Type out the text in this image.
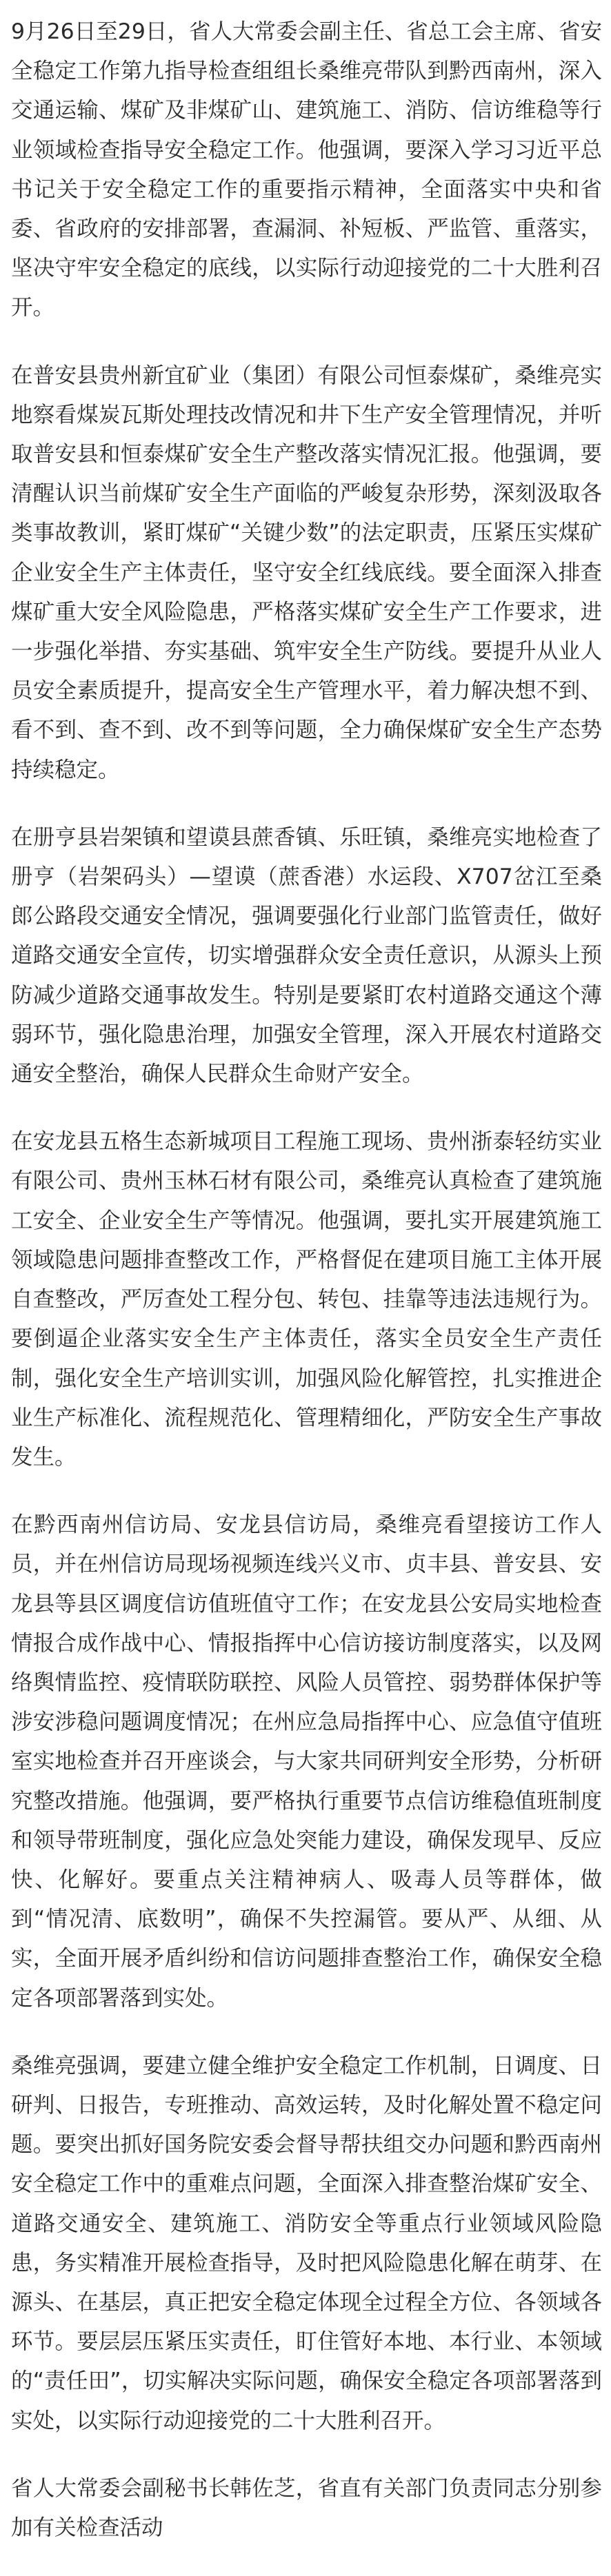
9月26日至29日，省人大常委会副主任、省总工会主席、省安全稳定工作第九指导检查组组长桑维亮带队到黔西南州，深入交通运输、煤矿及非煤矿山、建筑施工、消防、信访维稳等行业领域检查指导安全稳定工作。他强调，要深入学习习近平总书记关于安全稳定工作的重要指示精神，全面落实中央和省委、省政府的安排部署，查漏洞、补短板、严监管、重落实，坚决守牢安全稳定的底线，以实际行动迎接党的二十大胜利召开。

在普安县贵州新宜矿业（集团）有限公司恒泰煤矿，桑维亮实地察看煤炭瓦斯处理技改情况和井下生产安全管理情况，并听取普安县和恒泰煤矿安全生产整改落实情况汇报。他强调，要清醒认识当前煤矿安全生产面临的严峻复杂形势，深刻汲取各类事故教训，紧盯煤矿“关键少数”的法定职责，压紧压实煤矿企业安全生产主体责任，坚守安全红线底线。要全面深入排查煤矿重大安全风险隐患，严格落实煤矿安全生产工作要求，进一步强化举措、夯实基础、筑牢安全生产防线。要提升从业人员安全素质提升，提高安全生产管理水平，着力解决想不到、看不到、查不到、改不到等问题，全力确保煤矿安全生产态势持续稳定。

在册亨县岩架镇和望谟县蔗香镇、乐旺镇，桑维亮实地检查了册亨（岩架码头）—望谟（蔗香港）水运段、X707岔江至桑郎公路段交通安全情况，强调要强化行业部门监管责任，做好道路交通安全宣传，切实增强群众安全责任意识，从源头上预防减少道路交通事故发生。特别是要紧盯农村道路交通这个薄弱环节，强化隐患治理，加强安全管理，深入开展农村道路交通安全整治，确保人民群众生命财产安全。

在安龙县五格生态新城项目工程施工现场、贵州浙泰轻纺实业有限公司、贵州玉林石材有限公司，桑维亮认真检查了建筑施工安全、企业安全生产等情况。他强调，要扎实开展建筑施工领域隐患问题排查整改工作，严格督促在建项目施工主体开展自查整改，严厉查处工程分包、转包、挂靠等违法违规行为。要倒逼企业落实安全生产主体责任，落实全员安全生产责任制，强化安全生产培训实训，加强风险化解管控，扎实推进企业生产标准化、流程规范化、管理精细化，严防安全生产事故发生。

在黔西南州信访局、安龙县信访局，桑维亮看望接访工作人员，并在州信访局现场视频连线兴义市、贞丰县、普安县、安龙县等县区调度信访值班值守工作；在安龙县公安局实地检查情报合成作战中心、情报指挥中心信访接访制度落实，以及网络舆情监控、疫情联防联控、风险人员管控、弱势群体保护等涉安涉稳问题调度情况；在州应急局指挥中心、应急值守值班室实地检查并召开座谈会，与大家共同研判安全形势，分析研究整改措施。他强调，要严格执行重要节点信访维稳值班制度和领导带班制度，强化应急处突能力建设，确保发现早、反应快、化解好。要重点关注精神病人、吸毒人员等群体，做到“情况清、底数明”，确保不失控漏管。要从严、从细、从实，全面开展矛盾纠纷和信访问题排查整治工作，确保安全稳定各项部署落到实处。

桑维亮强调，要建立健全维护安全稳定工作机制，日调度、日研判、日报告，专班推动、高效运转，及时化解处置不稳定问题。要突出抓好国务院安委会督导帮扶组交办问题和黔西南州安全稳定工作中的重难点问题，全面深入排查整治煤矿安全、道路交通安全、建筑施工、消防安全等重点行业领域风险隐患，务实精准开展检查指导，及时把风险隐患化解在萌芽、在源头、在基层，真正把安全稳定体现全过程全方位、各领域各环节。要层层压紧压实责任，盯住管好本地、本行业、本领域的“责任田”，切实解决实际问题，确保安全稳定各项部署落到实处，以实际行动迎接党的二十大胜利召开。

省人大常委会副秘书长韩佐芝，省直有关部门负责同志分别参加有关检查活动
